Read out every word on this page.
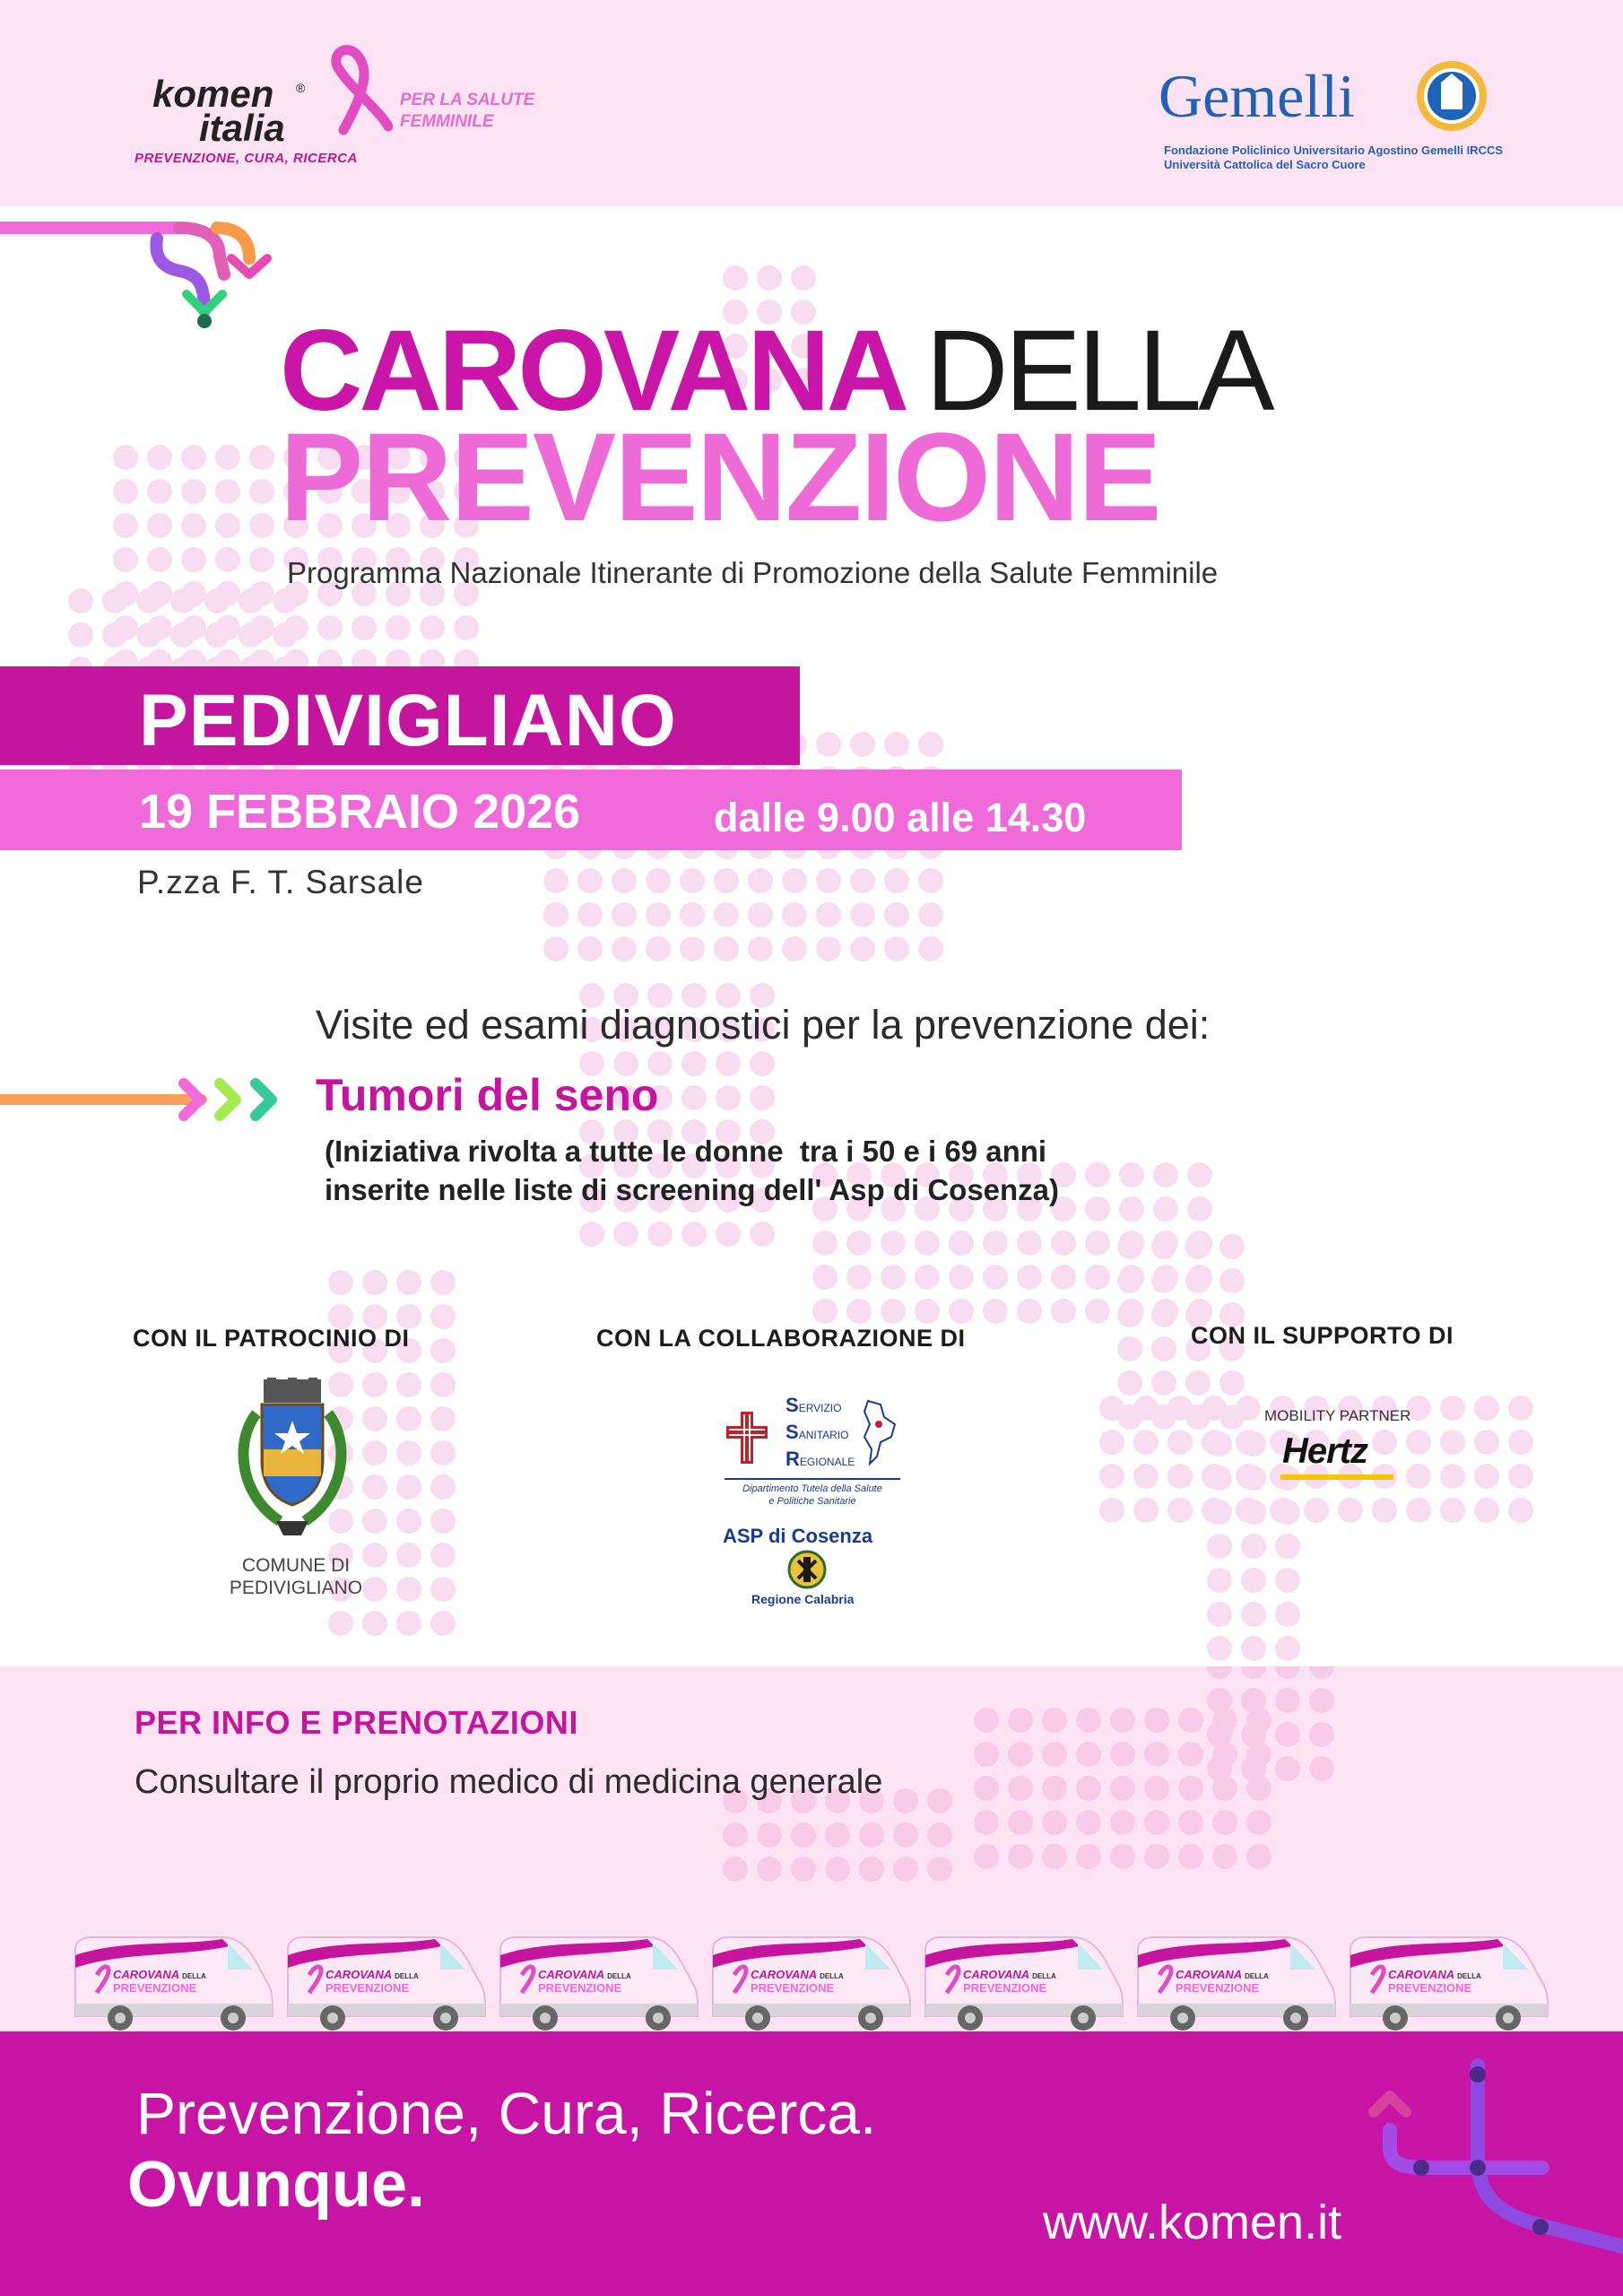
komen ®
italia
PER LA SALUTE
FEMMINILE
PREVENZIONE, CURA, RICERCA
Gemelli
Fondazione Policlinico Universitario Agostino Gemelli IRCCS
Università Cattolica del Sacro Cuore
CAROVANA DELLA
PREVENZIONE
Programma Nazionale Itinerante di Promozione della Salute Femminile
PEDIVIGLIANO
19 FEBBRAIO 2026	dalle 9.00 alle 14.30
P.zza F. T. Sarsale
Visite ed esami diagnostici per la prevenzione dei:
Tumori del seno
(Iniziativa rivolta a tutte le donne  tra i 50 e i 69 anni
inserite nelle liste di screening dell' Asp di Cosenza)
CON IL PATROCINIO DI	CON LA COLLABORAZIONE DI	CON IL SUPPORTO DI
COMUNE DI
PEDIVIGLIANO
SERVIZIO
SANITARIO
REGIONALE
Dipartimento Tutela della Salute
e Politiche Sanitarie
ASP di Cosenza
Regione Calabria
MOBILITY PARTNER
Hertz
PER INFO E PRENOTAZIONI
Consultare il proprio medico di medicina generale
CAROVANA DELLA
PREVENZIONE
CAROVANA DELLA
PREVENZIONE
CAROVANA DELLA
PREVENZIONE
CAROVANA DELLA
PREVENZIONE
CAROVANA DELLA
PREVENZIONE
CAROVANA DELLA
PREVENZIONE
CAROVANA DELLA
PREVENZIONE
Prevenzione, Cura, Ricerca.
Ovunque.
www.komen.it
